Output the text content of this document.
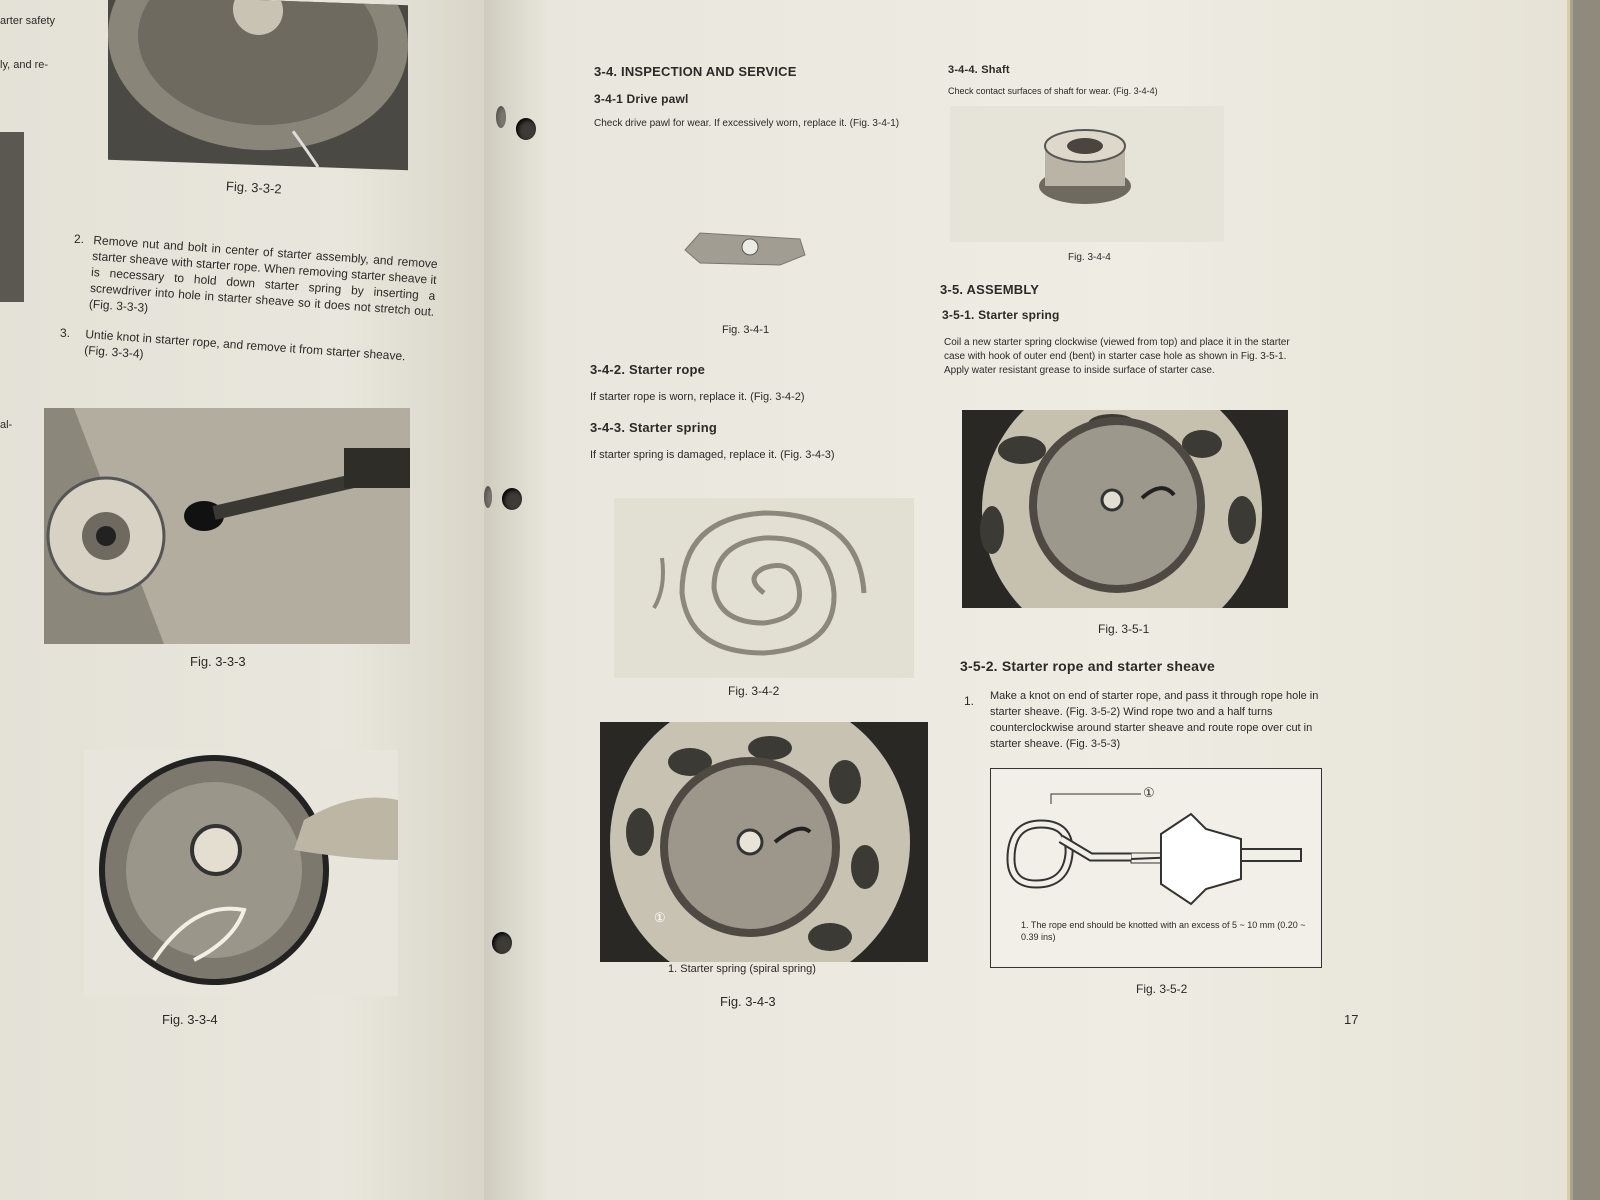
arter safety

ly, and re-

Fig. 3-3-2

2. Remove nut and bolt in center of starter assembly, and remove starter sheave with starter rope. When removing starter sheave it is necessary to hold down starter spring by inserting a screwdriver into hole in starter sheave so it does not stretch out. (Fig. 3-3-3)

3. Untie knot in starter rope, and remove it from starter sheave. (Fig. 3-3-4)

al-

Fig. 3-3-3

Fig. 3-3-4

3-4. INSPECTION AND SERVICE

3-4-1 Drive pawl

Check drive pawl for wear. If excessively worn, replace it. (Fig. 3-4-1)

Fig. 3-4-1

3-4-2. Starter rope

If starter rope is worn, replace it. (Fig. 3-4-2)

3-4-3. Starter spring

If starter spring is damaged, replace it. (Fig. 3-4-3)

Fig. 3-4-2

①

1. Starter spring (spiral spring)

Fig. 3-4-3

3-4-4. Shaft

Check contact surfaces of shaft for wear. (Fig. 3-4-4)

Fig. 3-4-4

3-5. ASSEMBLY

3-5-1. Starter spring

Coil a new starter spring clockwise (viewed from top) and place it in the starter case with hook of outer end (bent) in starter case hole as shown in Fig. 3-5-1. Apply water resistant grease to inside surface of starter case.

Fig. 3-5-1

3-5-2. Starter rope and starter sheave

1. Make a knot on end of starter rope, and pass it through rope hole in starter sheave. (Fig. 3-5-2) Wind rope two and a half turns counterclockwise around starter sheave and route rope over cut in starter sheave. (Fig. 3-5-3)

①

1. The rope end should be knotted with an excess of 5 ~ 10 mm (0.20 ~ 0.39 ins)

Fig. 3-5-2

17
